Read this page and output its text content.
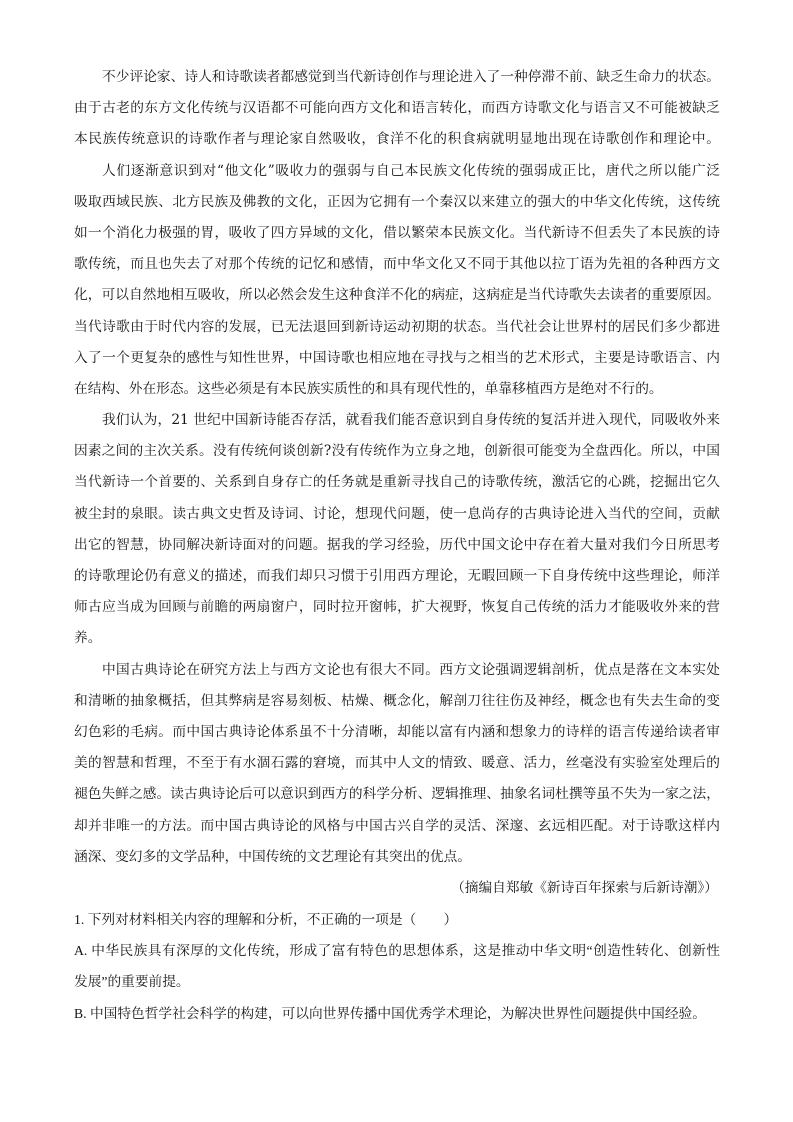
不少评论家、诗人和诗歌读者都感觉到当代新诗创作与理论进入了一种停滞不前、缺乏生命力的状态。
由于古老的东方文化传统与汉语都不可能向西方文化和语言转化，而西方诗歌文化与语言又不可能被缺乏
本民族传统意识的诗歌作者与理论家自然吸收，食洋不化的积食病就明显地出现在诗歌创作和理论中。
人们逐渐意识到对“他文化”吸收力的强弱与自己本民族文化传统的强弱成正比，唐代之所以能广泛
吸取西域民族、北方民族及佛教的文化，正因为它拥有一个秦汉以来建立的强大的中华文化传统，这传统
如一个消化力极强的胃，吸收了四方异域的文化，借以繁荣本民族文化。当代新诗不但丢失了本民族的诗
歌传统，而且也失去了对那个传统的记忆和感情，而中华文化又不同于其他以拉丁语为先祖的各种西方文
化，可以自然地相互吸收，所以必然会发生这种食洋不化的病症，这病症是当代诗歌失去读者的重要原因。
当代诗歌由于时代内容的发展，已无法退回到新诗运动初期的状态。当代社会让世界村的居民们多少都进
入了一个更复杂的感性与知性世界，中国诗歌也相应地在寻找与之相当的艺术形式，主要是诗歌语言、内
在结构、外在形态。这些必须是有本民族实质性的和具有现代性的，单靠移植西方是绝对不行的。
我们认为，21 世纪中国新诗能否存活，就看我们能否意识到自身传统的复活并进入现代，同吸收外来
因素之间的主次关系。没有传统何谈创新?没有传统作为立身之地，创新很可能变为全盘西化。所以，中国
当代新诗一个首要的、关系到自身存亡的任务就是重新寻找自己的诗歌传统，激活它的心跳，挖掘出它久
被尘封的泉眼。读古典文史哲及诗词、讨论，想现代问题，使一息尚存的古典诗论进入当代的空间，贡献
出它的智慧，协同解决新诗面对的问题。据我的学习经验，历代中国文论中存在着大量对我们今日所思考
的诗歌理论仍有意义的描述，而我们却只习惯于引用西方理论，无暇回顾一下自身传统中这些理论，师洋
师古应当成为回顾与前瞻的两扇窗户，同时拉开窗帏，扩大视野，恢复自己传统的活力才能吸收外来的营
养。
中国古典诗论在研究方法上与西方文论也有很大不同。西方文论强调逻辑剖析，优点是落在文本实处
和清晰的抽象概括，但其弊病是容易刻板、枯燥、概念化，解剖刀往往伤及神经，概念也有失去生命的变
幻色彩的毛病。而中国古典诗论体系虽不十分清晰，却能以富有内涵和想象力的诗样的语言传递给读者审
美的智慧和哲理，不至于有水涸石露的窘境，而其中人文的情致、暖意、活力，丝毫没有实验室处理后的
褪色失鲜之感。读古典诗论后可以意识到西方的科学分析、逻辑推理、抽象名词杜撰等虽不失为一家之法，
却并非唯一的方法。而中国古典诗论的风格与中国古兴自学的灵活、深邃、玄远相匹配。对于诗歌这样内
涵深、变幻多的文学品种，中国传统的文艺理论有其突出的优点。
（摘编自郑敏《新诗百年探索与后新诗潮》）
1. 下列对材料相关内容的理解和分析，不正确的一项是（　　）
A. 中华民族具有深厚的文化传统，形成了富有特色的思想体系，这是推动中华文明“创造性转化、创新性
发展”的重要前提。
B. 中国特色哲学社会科学的构建，可以向世界传播中国优秀学术理论，为解决世界性问题提供中国经验。
